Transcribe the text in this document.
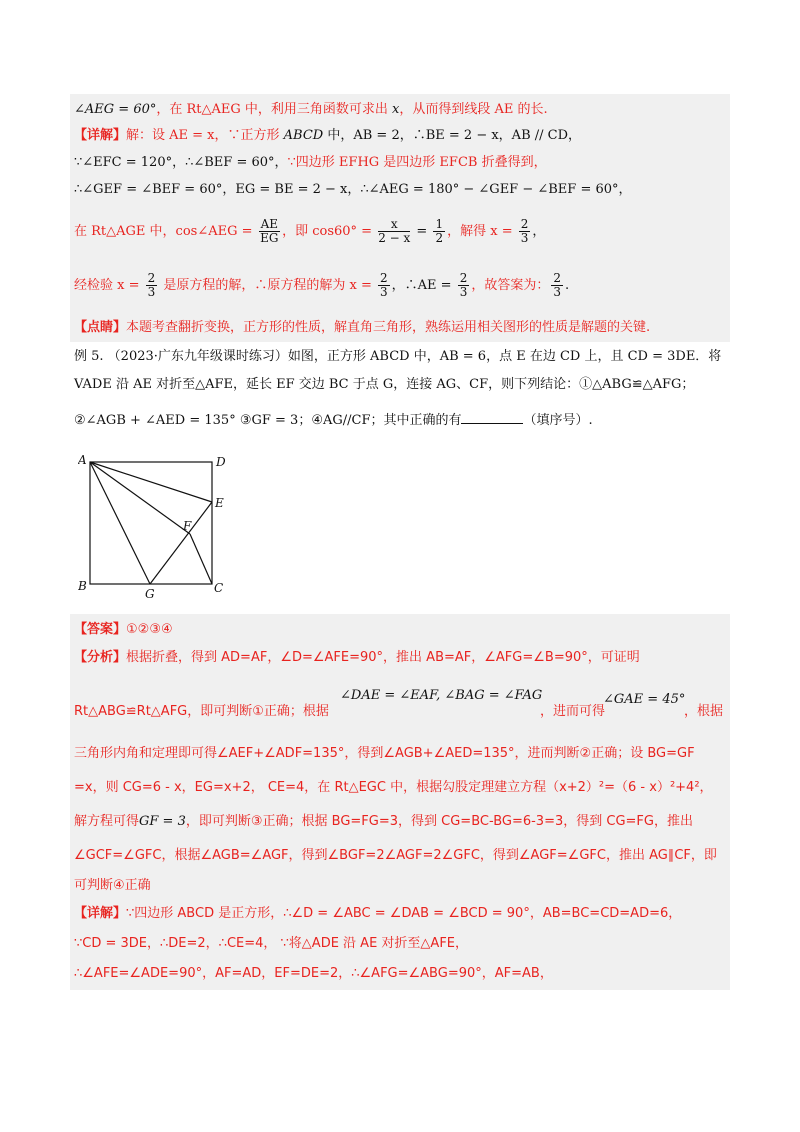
∠AEG = 60°，在 Rt△AEG 中，利用三角函数可求出 x，从而得到线段 AE 的长.
【详解】解：设 AE = x，∵正方形 ABCD 中，AB = 2，∴BE = 2 − x，AB // CD，
∵∠EFC = 120°，∴∠BEF = 60°，∵四边形 EFHG 是四边形 EFCB 折叠得到，
∴∠GEF = ∠BEF = 60°，EG = BE = 2 − x，∴∠AEG = 180° − ∠GEF − ∠BEF = 60°，
在 Rt△AGE 中，cos∠AEG = $\frac{AE}{EG}$ ，即 $\cos 60^\circ = \frac{x}{2 - x} = \frac{1}{2}$ ，解得 $x = \frac{2}{3}$ ，
经检验 $x = \frac{2}{3}$ 是原方程的解，∴原方程的解为 $x = \frac{2}{3}$ ，∴AE = $\frac{2}{3}$ ，故答案为： $\frac{2}{3}$ .
【点睛】本题考查翻折变换，正方形的性质，解直角三角形，熟练运用相关图形的性质是解题的关键.
例 5. （2023·广东九年级课时练习）如图，正方形 ABCD 中，AB = 6，点 E 在边 CD 上，且 CD = 3DE．将
VADE 沿 AE 对折至△AFE，延长 EF 交边 BC 于点 G，连接 AG、CF，则下列结论：①△ABG≌△AFG；
②∠AGB + ∠AED = 135° ③GF = 3；④AG//CF；其中正确的有	（填序号）.
A	D
E
F
B
G	C
【答案】①②③④
【分析】根据折叠，得到 AD=AF，∠D=∠AFE=90°，推出 AB=AF，∠AFG=∠B=90°，可证明
Rt△ABG≌Rt△AFG，即可判断①正确；根据
∠DAE = ∠EAF, ∠BAG = ∠FAG
，进而可得
∠GAE = 45°
，根据
三角形内角和定理即可得∠AEF+∠ADF=135°，得到∠AGB+∠AED=135°，进而判断②正确；设 BG=GF
=x，则 CG=6 - x，EG=x+2， CE=4，在 Rt△EGC 中，根据勾股定理建立方程（x+2）²=（6 - x）²+4²，
解方程可得GF = 3，即可判断③正确；根据 BG=FG=3，得到 CG=BC-BG=6-3=3，得到 CG=FG，推出
∠GCF=∠GFC，根据∠AGB=∠AGF，得到∠BGF=2∠AGF=2∠GFC，得到∠AGF=∠GFC，推出 AG∥CF，即
可判断④正确
【详解】∵四边形 ABCD 是正方形，∴∠D = ∠ABC = ∠DAB = ∠BCD = 90°，AB=BC=CD=AD=6，
∵CD = 3DE，∴DE=2，∴CE=4， ∵将△ADE 沿 AE 对折至△AFE，
∴∠AFE=∠ADE=90°，AF=AD，EF=DE=2，∴∠AFG=∠ABG=90°，AF=AB，
